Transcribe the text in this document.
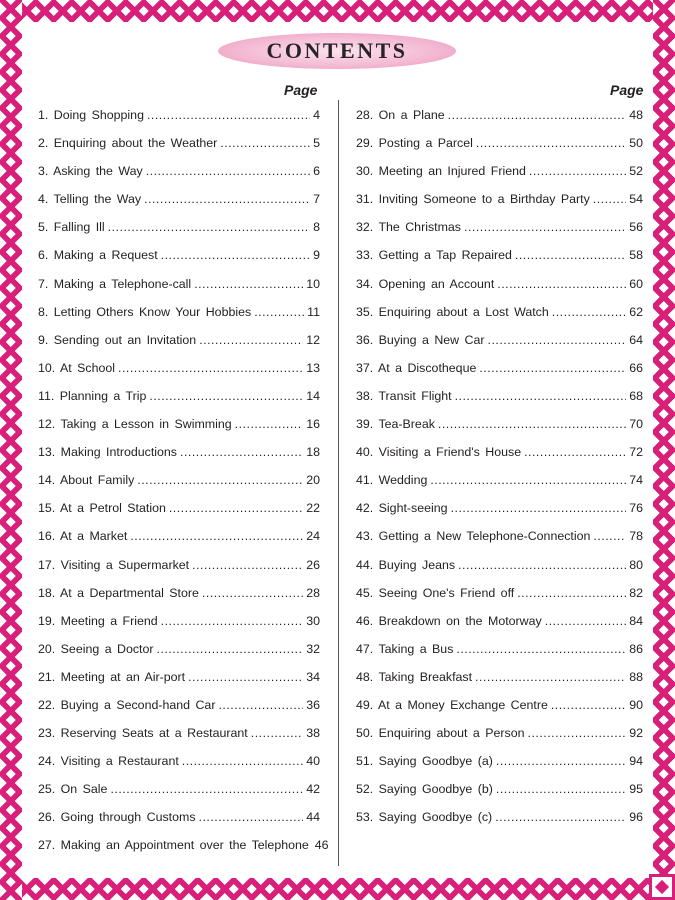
CONTENTS
Page	Page
1. Doing Shopping .....	4
2. Enquiring about the Weather .....	5
3. Asking the Way .....	6
4. Telling the Way .....	7
5. Falling Ill .....	8
6. Making a Request .....	9
7. Making a Telephone-call .....	10
8. Letting Others Know Your Hobbies .....	11
9. Sending out an Invitation .....	12
10. At School .....	13
11. Planning a Trip .....	14
12. Taking a Lesson in Swimming .....	16
13. Making Introductions .....	18
14. About Family .....	20
15. At a Petrol Station .....	22
16. At a Market .....	24
17. Visiting a Supermarket .....	26
18. At a Departmental Store .....	28
19. Meeting a Friend .....	30
20. Seeing a Doctor .....	32
21. Meeting at an Air-port .....	34
22. Buying a Second-hand Car .....	36
23. Reserving Seats at a Restaurant .....	38
24. Visiting a Restaurant .....	40
25. On Sale .....	42
26. Going through Customs .....	44
27. Making an Appointment over the Telephone 46
28. On a Plane .....	48
29. Posting a Parcel .....	50
30. Meeting an Injured Friend .....	52
31. Inviting Someone to a Birthday Party .....	54
32. The Christmas .....	56
33. Getting a Tap Repaired .....	58
34. Opening an Account .....	60
35. Enquiring about a Lost Watch .....	62
36. Buying a New Car .....	64
37. At a Discotheque .....	66
38. Transit Flight .....	68
39. Tea-Break .....	70
40. Visiting a Friend's House .....	72
41. Wedding .....	74
42. Sight-seeing .....	76
43. Getting a New Telephone-Connection .....	78
44. Buying Jeans .....	80
45. Seeing One's Friend off .....	82
46. Breakdown on the Motorway .....	84
47. Taking a Bus .....	86
48. Taking Breakfast .....	88
49. At a Money Exchange Centre .....	90
50. Enquiring about a Person .....	92
51. Saying Goodbye (a) .....	94
52. Saying Goodbye (b) .....	95
53. Saying Goodbye (c) .....	96
